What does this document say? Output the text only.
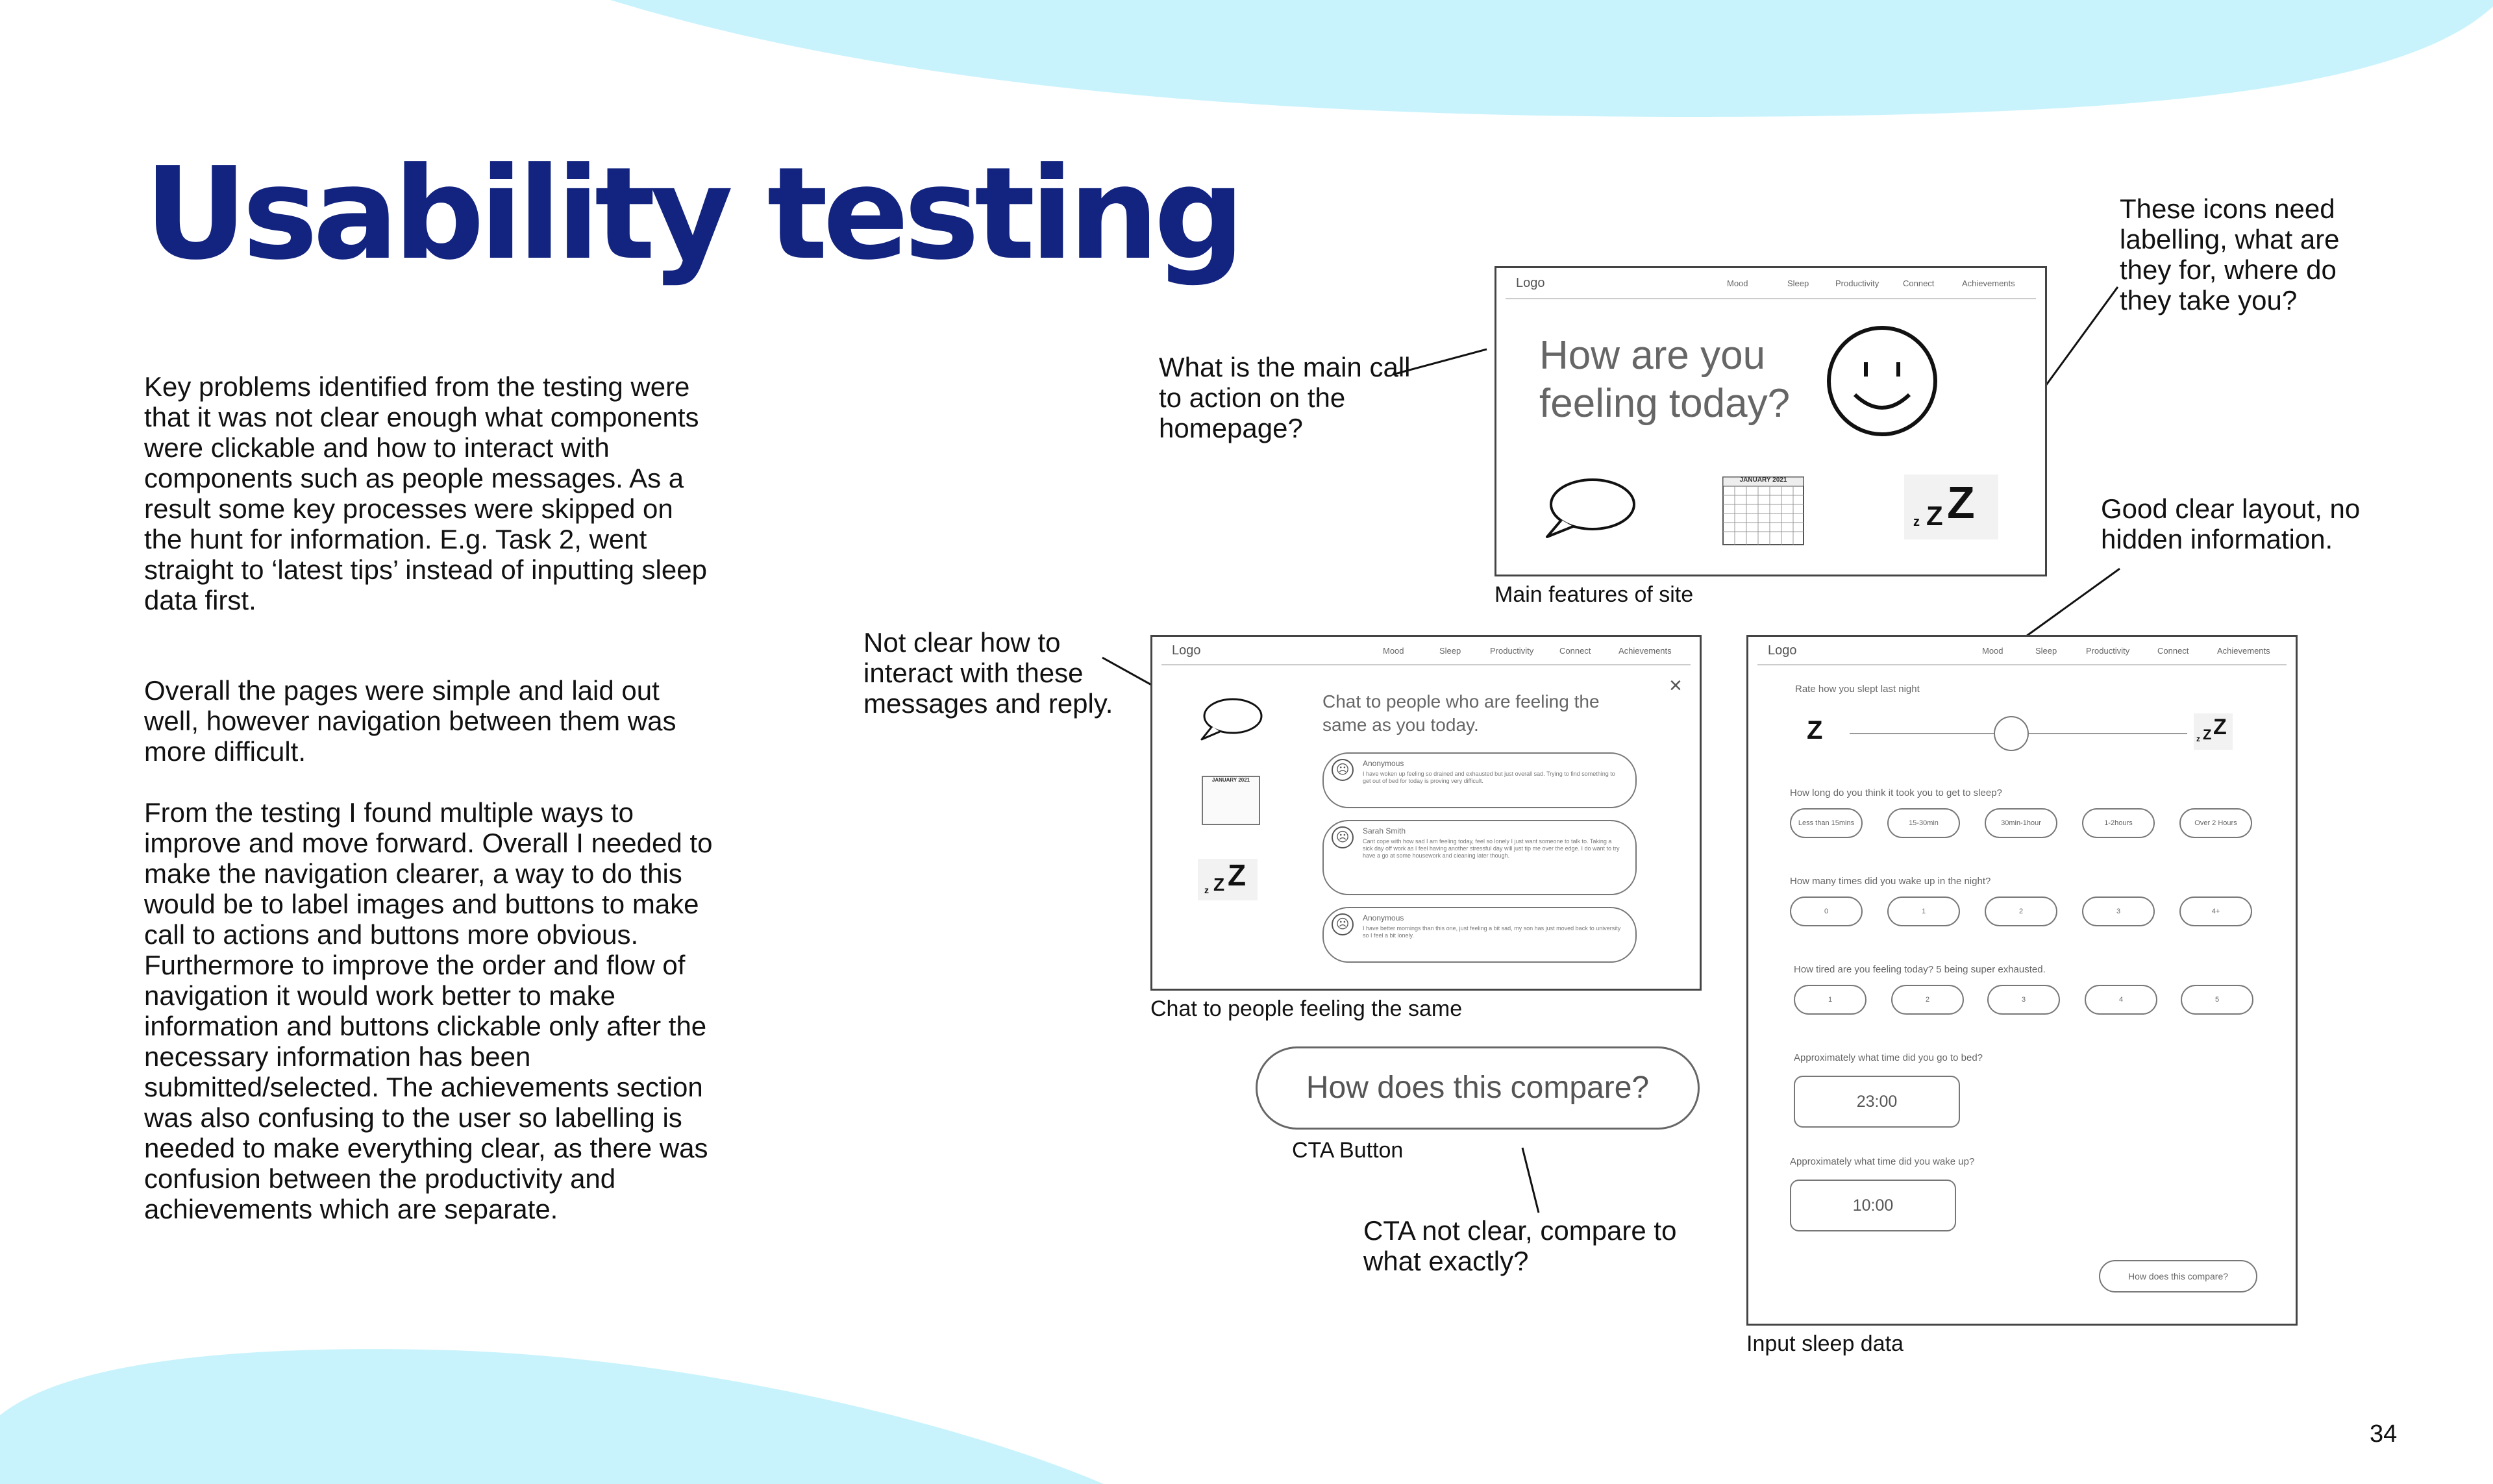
Usability testing
Key problems identified from the testing were that it was not clear enough what components were clickable and how to interact with components such as people messages. As a result some key processes were skipped on the hunt for information. E.g. Task 2, went straight to ‘latest tips’ instead of inputting sleep data first.
Overall the pages were simple and laid out well, however navigation between them was more difficult.
From the testing I found multiple ways to improve and move forward. Overall I needed to make the navigation clearer, a way to do this would be to label images and buttons to make call to actions and buttons more obvious. Furthermore to improve the order and flow of navigation it would work better to make information and buttons clickable only after the necessary information has been submitted/selected. The achievements section was also confusing to the user so labelling is needed to make everything clear, as there was confusion between the productivity and achievements which are separate.
What is the main call to action on the homepage?
These icons need labelling, what are they for, where do they take you?
Good clear layout, no hidden information.
Not clear how to interact with these messages and reply.
CTA not clear, compare to what exactly?
Logo	Mood	Sleep	Productivity	Connect	Achievements
How are you feeling today?
JANUARY 2021
z Z Z
Main features of site
Logo	Mood	Sleep	Productivity	Connect	Achievements
×
JANUARY 2021
z Z Z
Chat to people who are feeling the same as you today.
☹	Anonymous
I have woken up feeling so drained and exhausted but just overall sad. Trying to find something to get out of bed for today is proving very difficult.
☹	Sarah Smith
Cant cope with how sad I am feeling today, feel so lonely I just want someone to talk to. Taking a sick day off work as I feel having another stressful day will just tip me over the edge. I do want to try have a go at some housework and cleaning later though.
☹	Anonymous
I have better mornings than this one, just feeling a bit sad, my son has just moved back to university so I feel a bit lonely.
Chat to people feeling the same
How does this compare?
CTA Button
Logo	Mood	Sleep	Productivity	Connect	Achievements
Rate how you slept last night
Z	z Z Z
How long do you think it took you to get to sleep?
Less than 15mins	15-30min	30min-1hour	1-2hours	Over 2 Hours
How many times did you wake up in the night?
0	1	2	3	4+
How tired are you feeling today? 5 being super exhausted.
1	2	3	4	5
Approximately what time did you go to bed?
23:00
Approximately what time did you wake up?
10:00
How does this compare?
Input sleep data
34
